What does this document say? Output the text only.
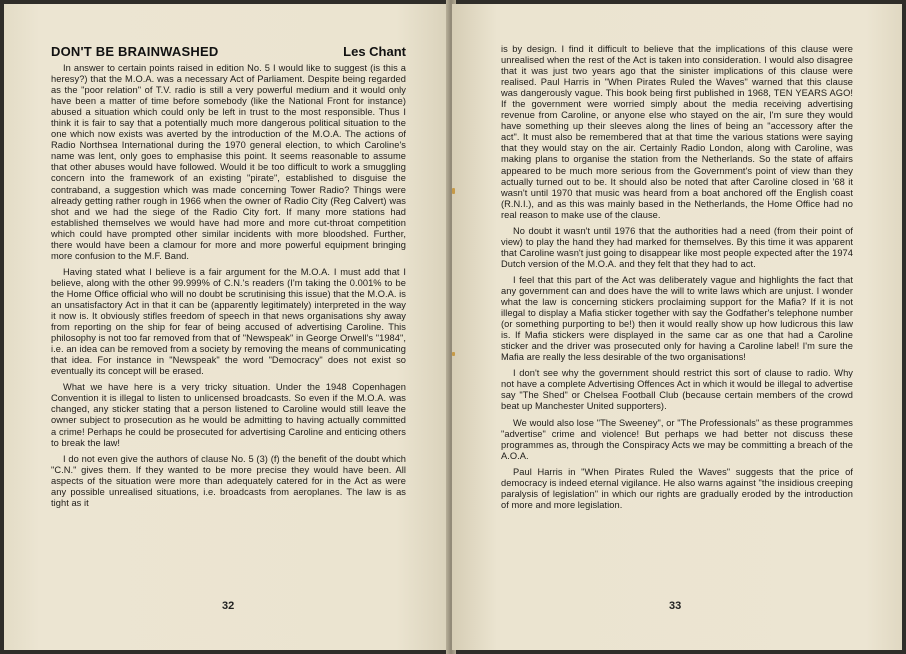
DON'T BE BRAINWASHED	Les Chant

In answer to certain points raised in edition No. 5 I would like to suggest (is this a heresy?) that the M.O.A. was a necessary Act of Parliament. Despite being regarded as the "poor relation" of T.V. radio is still a very powerful medium and it would only have been a matter of time before somebody (like the National Front for instance) abused a situation which could only be left in trust to the most responsible. Thus I think it is fair to say that a potentially much more dangerous political situation to the one which now exists was averted by the introduction of the M.O.A. The actions of Radio Northsea International during the 1970 general election, to which Caroline's name was lent, only goes to emphasise this point. It seems reasonable to assume that other abuses would have followed. Would it be too difficult to work a smuggling concern into the framework of an existing "pirate", established to disguise the contraband, a suggestion which was made concerning Tower Radio? Things were already getting rather rough in 1966 when the owner of Radio City (Reg Calvert) was shot and we had the siege of the Radio City fort. If many more stations had established themselves we would have had more and more cut-throat competition which could have prompted other similar incidents with more bloodshed. Further, there would have been a clamour for more and more powerful equipment bringing more confusion to the M.F. Band.

Having stated what I believe is a fair argument for the M.O.A. I must add that I believe, along with the other 99.999% of C.N.'s readers (I'm taking the 0.001% to be the Home Office official who will no doubt be scrutinising this issue) that the M.O.A. is an unsatisfactory Act in that it can be (apparently legitimately) interpreted in the way it now is. It obviously stifles freedom of speech in that news organisations shy away from reporting on the ship for fear of being accused of advertising Caroline. This philosophy is not too far removed from that of "Newspeak" in George Orwell's "1984", i.e. an idea can be removed from a society by removing the means of communicating that idea. For instance in "Newspeak" the word "Democracy" does not exist so eventually its concept will be erased.

What we have here is a very tricky situation. Under the 1948 Copenhagen Convention it is illegal to listen to unlicensed broadcasts. So even if the M.O.A. was changed, any sticker stating that a person listened to Caroline would still leave the owner subject to prosecution as he would be admitting to having actually committed a crime! Perhaps he could be prosecuted for advertising Caroline and enticing others to break the law!

I do not even give the authors of clause No. 5 (3) (f) the benefit of the doubt which "C.N." gives them. If they wanted to be more precise they would have been. All aspects of the situation were more than adequately catered for in the Act as were any possible unrealised situations, i.e. broadcasts from aeroplanes. The law is as tight as it

32

is by design. I find it difficult to believe that the implications of this clause were unrealised when the rest of the Act is taken into consideration. I would also disagree that it was just two years ago that the sinister implications of this clause were realised. Paul Harris in "When Pirates Ruled the Waves" warned that this clause was dangerously vague. This book being first published in 1968, TEN YEARS AGO! If the government were worried simply about the media receiving advertising revenue from Caroline, or anyone else who stayed on the air, I'm sure they would have something up their sleeves along the lines of being an "accessory after the act". It must also be remembered that at that time the various stations were saying that they would stay on the air. Certainly Radio London, along with Caroline, was making plans to organise the station from the Netherlands. So the state of affairs appeared to be much more serious from the Government's point of view than they actually turned out to be. It should also be noted that after Caroline closed in '68 it wasn't until 1970 that music was heard from a boat anchored off the English coast (R.N.I.), and as this was mainly based in the Netherlands, the Home Office had no real reason to make use of the clause.

No doubt it wasn't until 1976 that the authorities had a need (from their point of view) to play the hand they had marked for themselves. By this time it was apparent that Caroline wasn't just going to disappear like most people expected after the 1974 Dutch version of the M.O.A. and they felt that they had to act.

I feel that this part of the Act was deliberately vague and highlights the fact that any government can and does have the will to write laws which are unjust. I wonder what the law is concerning stickers proclaiming support for the Mafia? If it is not illegal to display a Mafia sticker together with say the Godfather's telephone number (or something purporting to be!) then it would really show up how ludicrous this law is. If Mafia stickers were displayed in the same car as one that had a Caroline sticker and the driver was prosecuted only for having a Caroline label! I'm sure the Mafia are really the less desirable of the two organisations!

I don't see why the government should restrict this sort of clause to radio. Why not have a complete Advertising Offences Act in which it would be illegal to advertise say "The Shed" or Chelsea Football Club (because certain members of the crowd beat up Manchester United supporters).

We would also lose "The Sweeney", or "The Professionals" as these programmes "advertise" crime and violence! But perhaps we had better not discuss these programmes as, through the Conspiracy Acts we may be committing a breach of the A.O.A.

Paul Harris in "When Pirates Ruled the Waves" suggests that the price of democracy is indeed eternal vigilance. He also warns against "the insidious creeping paralysis of legislation" in which our rights are gradually eroded by the introduction of more and more legislation.

33
